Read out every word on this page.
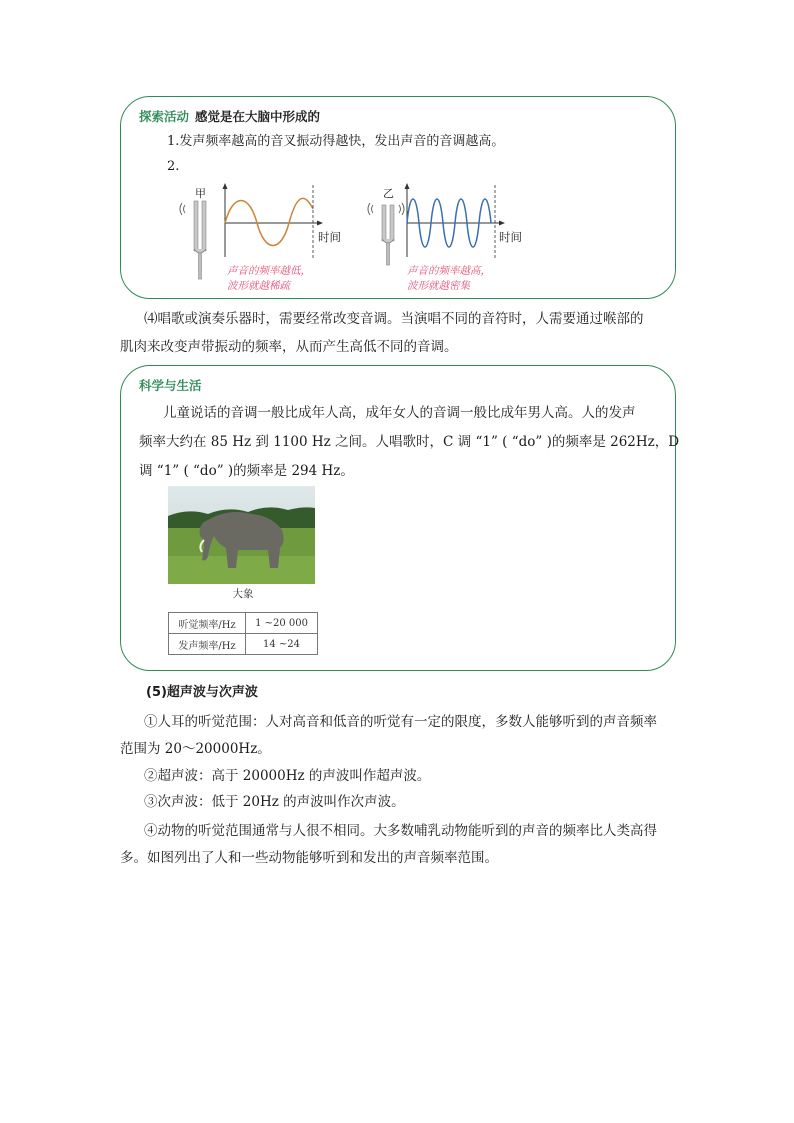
探索活动 感觉是在大脑中形成的
1.发声频率越高的音叉振动得越快，发出声音的音调越高。
2.
甲
时间
声音的频率越低，
波形就越稀疏
乙
时间
声音的频率越高，
波形就越密集
⑷唱歌或演奏乐器时，需要经常改变音调。当演唱不同的音符时，人需要通过喉部的
肌肉来改变声带振动的频率，从而产生高低不同的音调。
科学与生活
儿童说话的音调一般比成年人高，成年女人的音调一般比成年男人高。人的发声
频率大约在 85 Hz 到 1100 Hz 之间。人唱歌时，C 调 “1” ( “do” )的频率是 262Hz，D
调 “1” ( “do” )的频率是 294 Hz。
大象
听觉频率/Hz	1 ~20 000
发声频率/Hz	14 ~24
(5)超声波与次声波
①人耳的听觉范围：人对高音和低音的听觉有一定的限度，多数人能够听到的声音频率
范围为 20～20000Hz。
②超声波：高于 20000Hz 的声波叫作超声波。
③次声波：低于 20Hz 的声波叫作次声波。
④动物的听觉范围通常与人很不相同。大多数哺乳动物能听到的声音的频率比人类高得
多。如图列出了人和一些动物能够听到和发出的声音频率范围。
